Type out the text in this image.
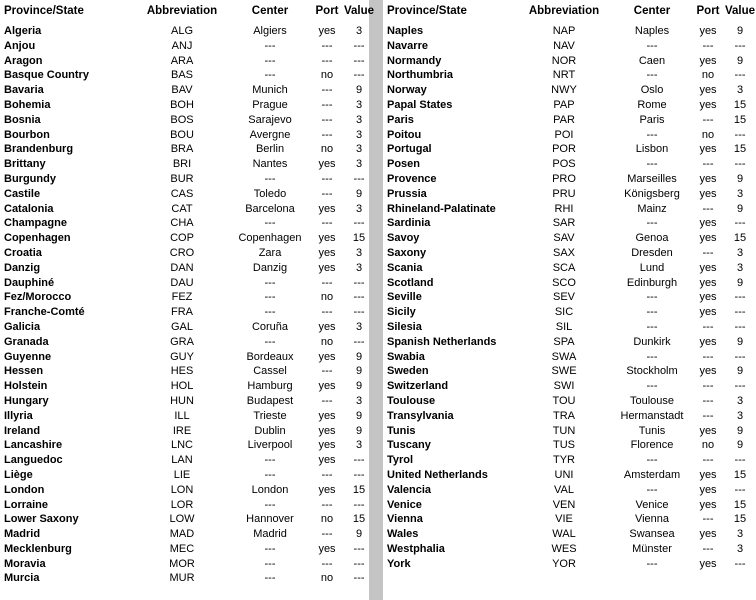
Province/State	Abbreviation	Center	Port	Value
Algeria	ALG	Algiers	yes	3
Anjou	ANJ	---	---	---
Aragon	ARA	---	---	---
Basque Country	BAS	---	no	---
Bavaria	BAV	Munich	---	9
Bohemia	BOH	Prague	---	3
Bosnia	BOS	Sarajevo	---	3
Bourbon	BOU	Avergne	---	3
Brandenburg	BRA	Berlin	no	3
Brittany	BRI	Nantes	yes	3
Burgundy	BUR	---	---	---
Castile	CAS	Toledo	---	9
Catalonia	CAT	Barcelona	yes	3
Champagne	CHA	---	---	---
Copenhagen	COP	Copenhagen	yes	15
Croatia	CRO	Zara	yes	3
Danzig	DAN	Danzig	yes	3
Dauphiné	DAU	---	---	---
Fez/Morocco	FEZ	---	no	---
Franche-Comté	FRA	---	---	---
Galicia	GAL	Coruña	yes	3
Granada	GRA	---	no	---
Guyenne	GUY	Bordeaux	yes	9
Hessen	HES	Cassel	---	9
Holstein	HOL	Hamburg	yes	9
Hungary	HUN	Budapest	---	3
Illyria	ILL	Trieste	yes	9
Ireland	IRE	Dublin	yes	9
Lancashire	LNC	Liverpool	yes	3
Languedoc	LAN	---	yes	---
Liège	LIE	---	---	---
London	LON	London	yes	15
Lorraine	LOR	---	---	---
Lower Saxony	LOW	Hannover	no	15
Madrid	MAD	Madrid	---	9
Mecklenburg	MEC	---	yes	---
Moravia	MOR	---	---	---
Murcia	MUR	---	no	---
Province/State	Abbreviation	Center	Port	Value
Naples	NAP	Naples	yes	9
Navarre	NAV	---	---	---
Normandy	NOR	Caen	yes	9
Northumbria	NRT	---	no	---
Norway	NWY	Oslo	yes	3
Papal States	PAP	Rome	yes	15
Paris	PAR	Paris	---	15
Poitou	POI	---	no	---
Portugal	POR	Lisbon	yes	15
Posen	POS	---	---	---
Provence	PRO	Marseilles	yes	9
Prussia	PRU	Königsberg	yes	3
Rhineland-Palatinate	RHI	Mainz	---	9
Sardinia	SAR	---	yes	---
Savoy	SAV	Genoa	yes	15
Saxony	SAX	Dresden	---	3
Scania	SCA	Lund	yes	3
Scotland	SCO	Edinburgh	yes	9
Seville	SEV	---	yes	---
Sicily	SIC	---	yes	---
Silesia	SIL	---	---	---
Spanish Netherlands	SPA	Dunkirk	yes	9
Swabia	SWA	---	---	---
Sweden	SWE	Stockholm	yes	9
Switzerland	SWI	---	---	---
Toulouse	TOU	Toulouse	---	3
Transylvania	TRA	Hermanstadt	---	3
Tunis	TUN	Tunis	yes	9
Tuscany	TUS	Florence	no	9
Tyrol	TYR	---	---	---
United Netherlands	UNI	Amsterdam	yes	15
Valencia	VAL	---	yes	---
Venice	VEN	Venice	yes	15
Vienna	VIE	Vienna	---	15
Wales	WAL	Swansea	yes	3
Westphalia	WES	Münster	---	3
York	YOR	---	yes	---
